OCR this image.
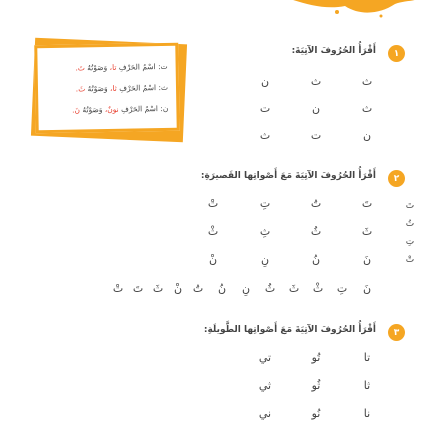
ت: اسْمُ الحَرْفِ تا، وَصَوْتُهُ تَ.
ث: اسْمُ الحَرْفِ ثا، وَصَوْتُهُ ثَ.
ن: اسْمُ الحَرْفِ نونٌ، وَصَوْتُهُ نَ.
١
أَقْرَأُ الحُرُوفَ الآتِيَةَ:
ث
ث
ن
ث
ن
ت
ن
ت
ث
٢
أَقْرَأُ الحُرُوفَ الآتِيَةَ مَعَ أَصْواتِها القَصيرَةِ:
تَ
تُ
تِ
تْ
ثَ
ثُ
ثِ
ثْ
نَ
نُ
نِ
نْ
تَ
تُ
تِ
تْ
نَ
تِ
ثْ
ثَ
ثُ
نِ
نُ
تُ
نْ
ثَ
تَ
تْ
٣
أَقْرَأُ الحُرُوفَ الآتِيَةَ مَعَ أَصْواتِها الطَّويلَةِ:
تا
تُو
تي
ثا
ثُو
ثي
نا
نُو
ني
